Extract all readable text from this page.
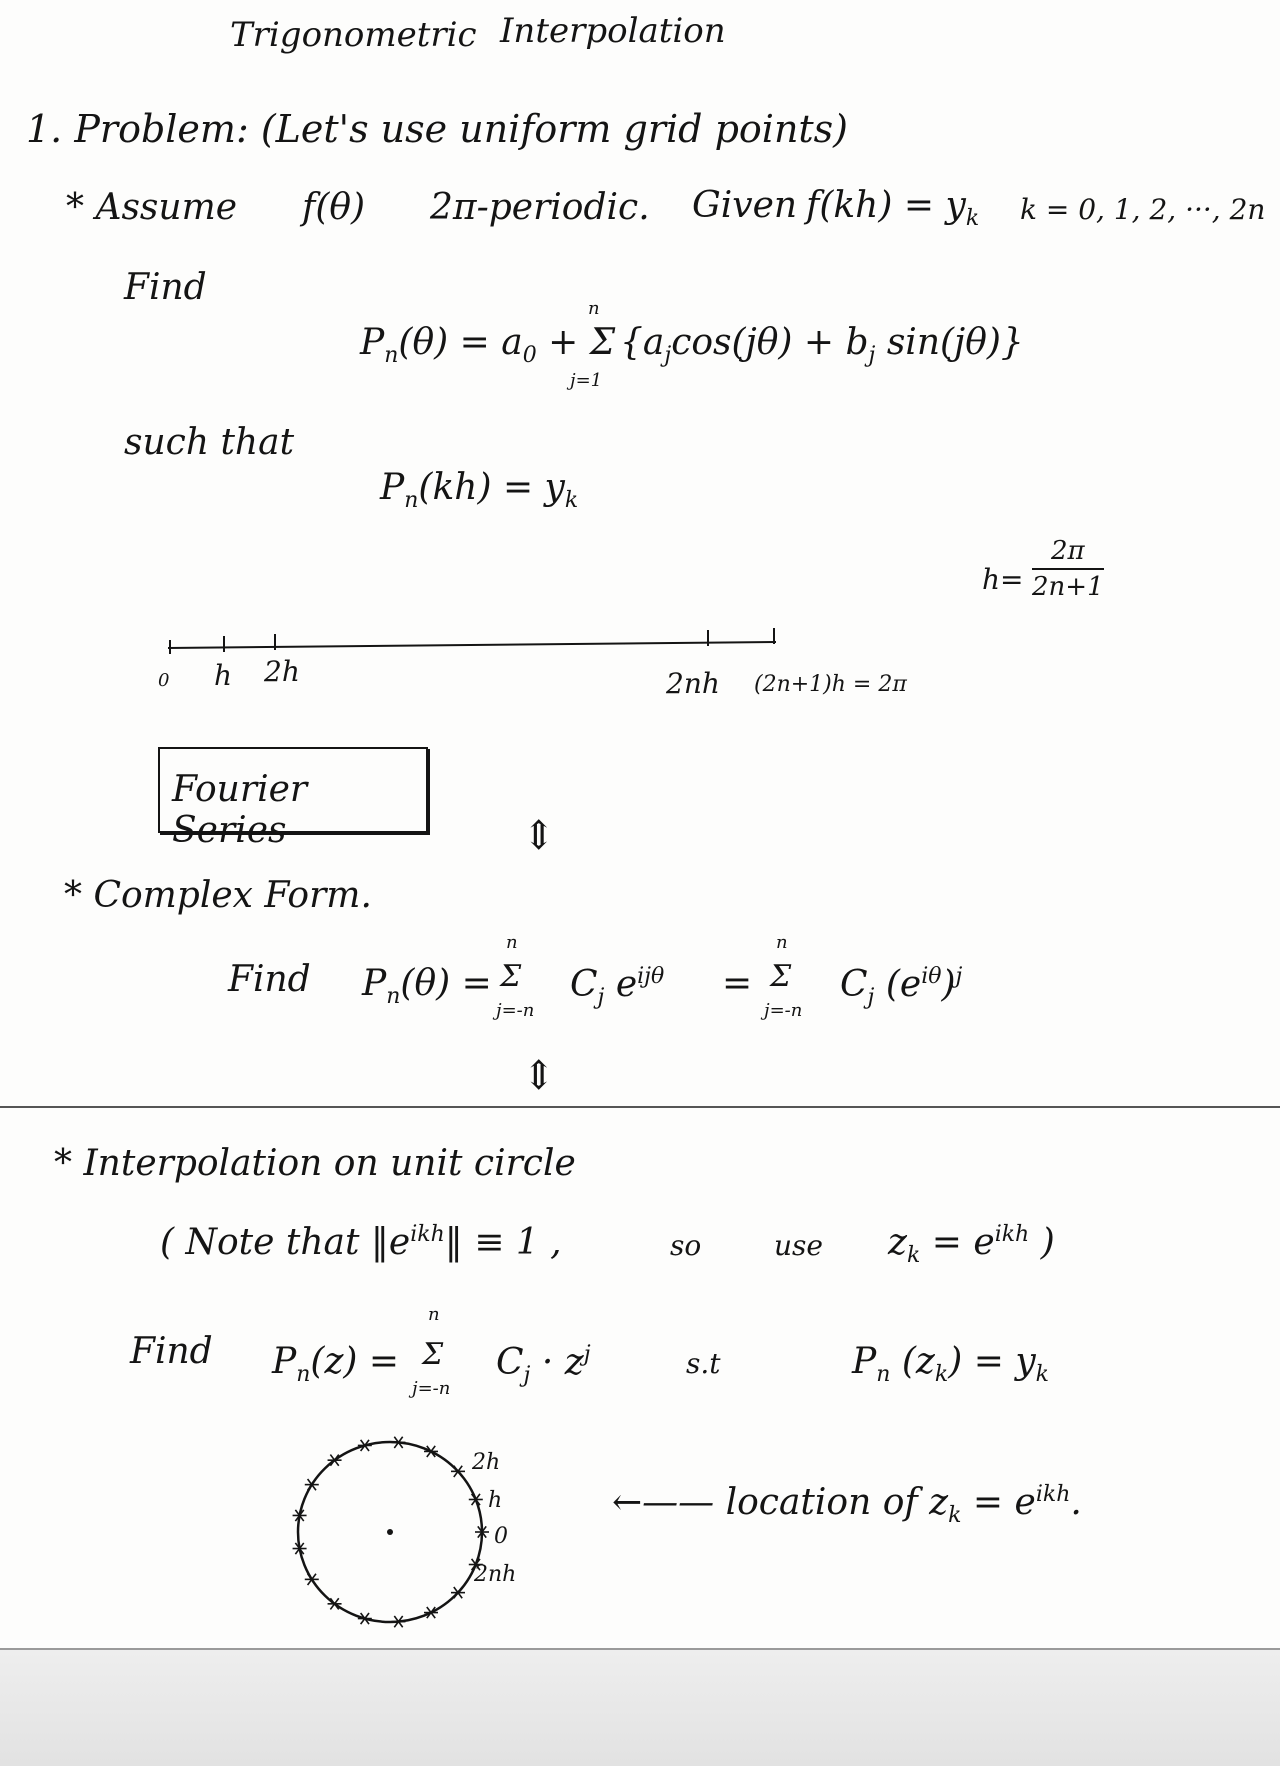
Trigonometric Interpolation

1. Problem: (Let's use uniform grid points)

* Assume f(θ) 2π-periodic. Given $f(kh) = y_k$ k = 0, 1, 2, ···, 2n

Find

$P_n(\theta) = a_0 + \Sigma$

n

j=1

{$a_j\cos(j\theta) + b_j$ sin(jθ)}

such that

$P_n(kh) = y_k$

$h= \frac{2\pi}{2n+1}$

0 h 2h	2nh (2n+1)h = 2π

Fourier Series	⇕

* Complex Form.

Find $P_n(\theta) = \Sigma$

n

j=-n

$C_j$ $e^{ij\theta} = \Sigma$

n

j=-n

$C_j$ $(e^{i\theta})^j$

⇕

* Interpolation on unit circle

( Note that $‖e^{ikh}‖ \equiv 1$ ,	so	use $z_k = e^{ikh}$ )

Find $P_n(z) = \Sigma$

n

j=-n

$C_j \cdot z^j$	s.t	$P_n$ $(z_k) = y_k$

2h

h

0

2nh

←—— location of $z_k = e^{ikh}$.
